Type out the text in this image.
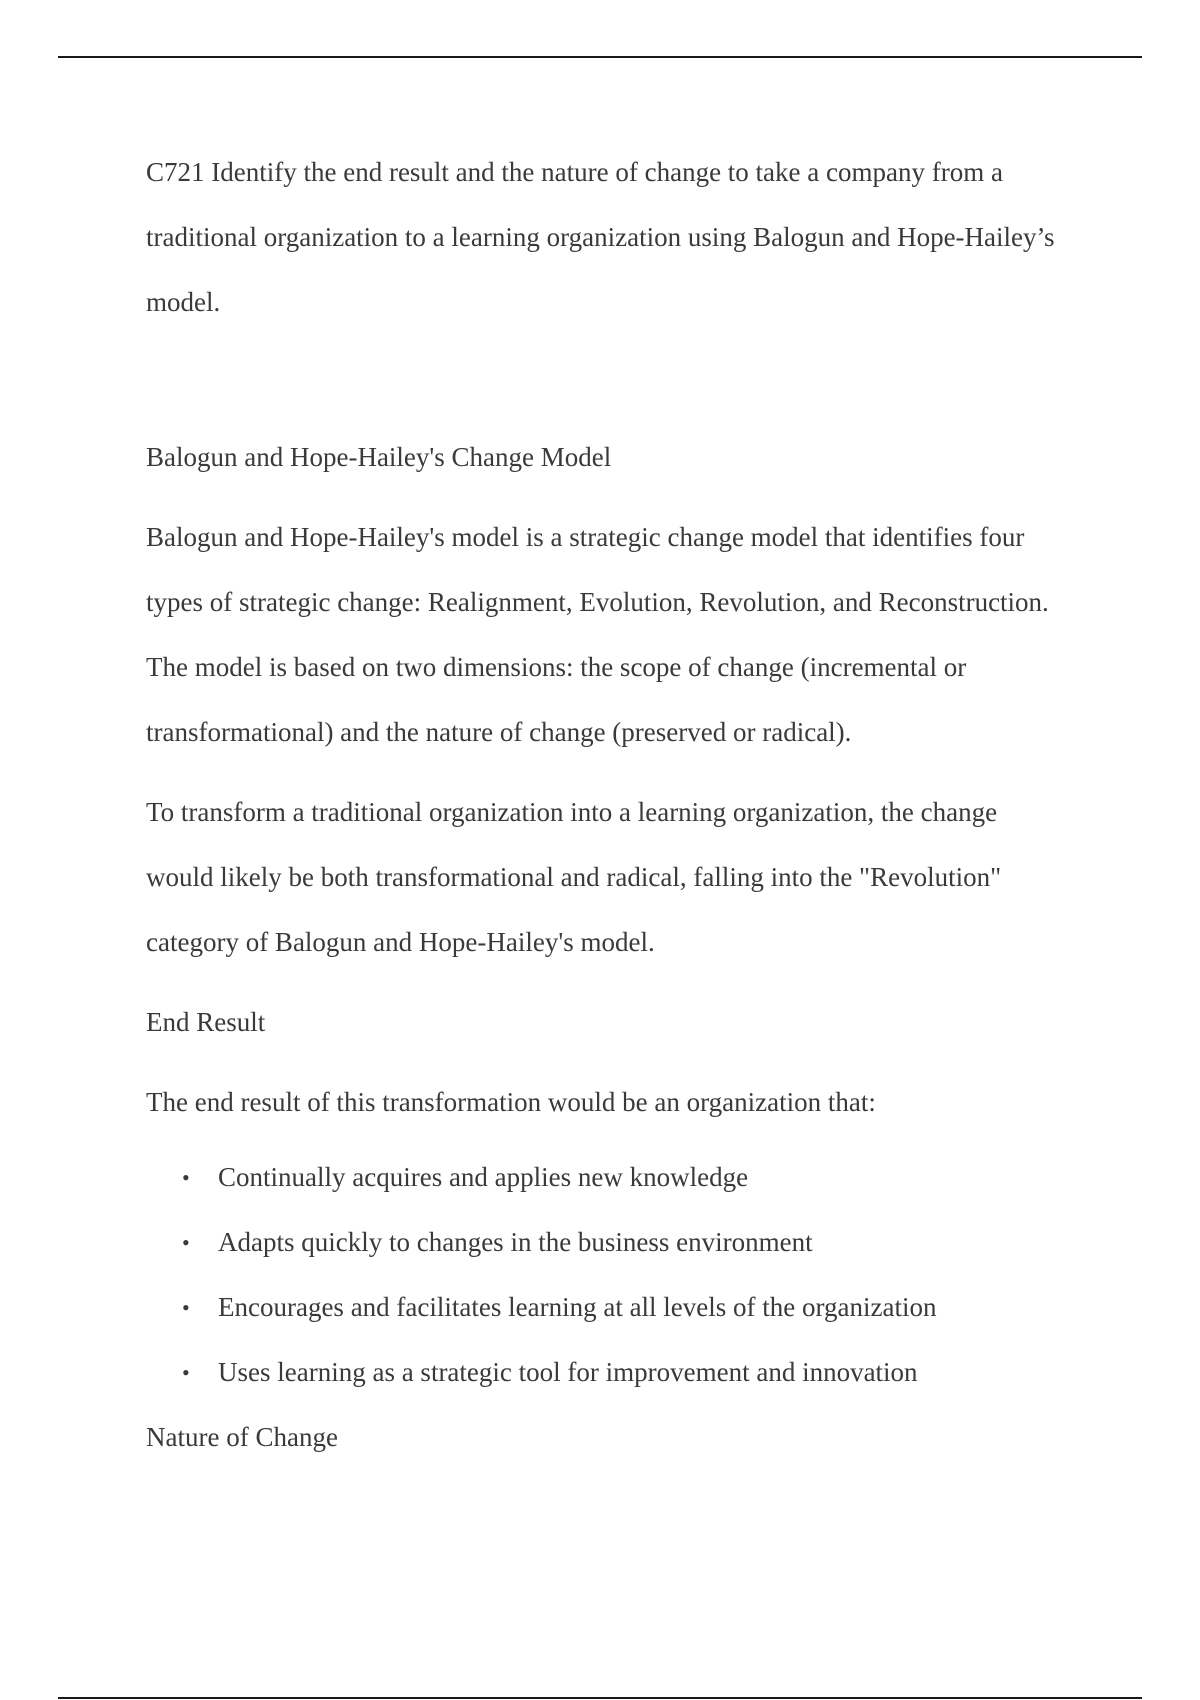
C721 Identify the end result and the nature of change to take a company from a traditional organization to a learning organization using Balogun and Hope-Hailey’s model.

Balogun and Hope-Hailey's Change Model

Balogun and Hope-Hailey's model is a strategic change model that identifies four types of strategic change: Realignment, Evolution, Revolution, and Reconstruction. The model is based on two dimensions: the scope of change (incremental or transformational) and the nature of change (preserved or radical).

To transform a traditional organization into a learning organization, the change would likely be both transformational and radical, falling into the "Revolution" category of Balogun and Hope-Hailey's model.

End Result

The end result of this transformation would be an organization that:

• Continually acquires and applies new knowledge
• Adapts quickly to changes in the business environment
• Encourages and facilitates learning at all levels of the organization
• Uses learning as a strategic tool for improvement and innovation

Nature of Change
